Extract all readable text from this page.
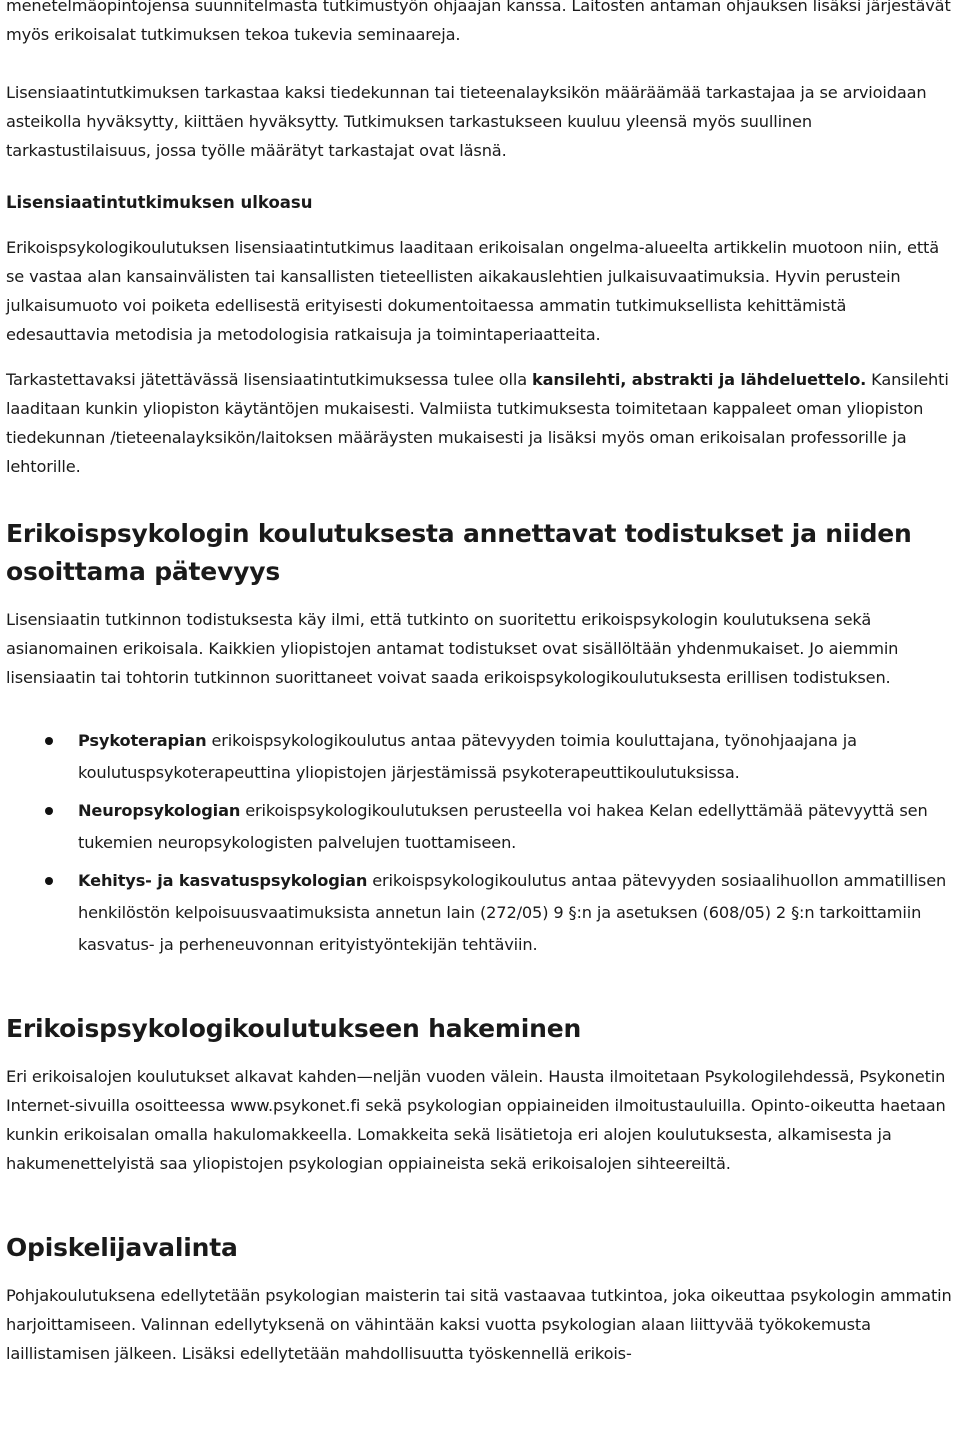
menetelmäopintojensa suunnitelmasta tutkimustyön ohjaajan kanssa. Laitosten antaman ohjauksen lisäksi järjestävät myös erikoisalat tutkimuksen tekoa tukevia seminaareja.

Lisensiaatintutkimuksen tarkastaa kaksi tiedekunnan tai tieteenalayksikön määräämää tarkastajaa ja se arvioidaan asteikolla hyväksytty, kiittäen hyväksytty. Tutkimuksen tarkastukseen kuuluu yleensä myös suullinen tarkastustilaisuus, jossa työlle määrätyt tarkastajat ovat läsnä.

Lisensiaatintutkimuksen ulkoasu

Erikoispsykologikoulutuksen lisensiaatintutkimus laaditaan erikoisalan ongelma-alueelta artikkelin muotoon niin, että se vastaa alan kansainvälisten tai kansallisten tieteellisten aikakauslehtien julkaisuvaatimuksia. Hyvin perustein julkaisumuoto voi poiketa edellisestä erityisesti dokumentoitaessa ammatin tutkimuksellista kehittämistä edesauttavia metodisia ja metodologisia ratkaisuja ja toimintaperiaatteita.

Tarkastettavaksi jätettävässä lisensiaatintutkimuksessa tulee olla kansilehti, abstrakti ja lähdeluettelo. Kansilehti laaditaan kunkin yliopiston käytäntöjen mukaisesti. Valmiista tutkimuksesta toimitetaan kappaleet oman yliopiston tiedekunnan /tieteenalayksikön/laitoksen määräysten mukaisesti ja lisäksi myös oman erikoisalan professorille ja lehtorille.

Erikoispsykologin koulutuksesta annettavat todistukset ja niiden osoittama pätevyys

Lisensiaatin tutkinnon todistuksesta käy ilmi, että tutkinto on suoritettu erikoispsykologin koulutuksena sekä asianomainen erikoisala. Kaikkien yliopistojen antamat todistukset ovat sisällöltään yhdenmukaiset. Jo aiemmin lisensiaatin tai tohtorin tutkinnon suorittaneet voivat saada erikoispsykologikoulutuksesta erillisen todistuksen.

Psykoterapian erikoispsykologikoulutus antaa pätevyyden toimia kouluttajana, työnohjaajana ja koulutuspsykoterapeuttina yliopistojen järjestämissä psykoterapeuttikoulutuksissa.
Neuropsykologian erikoispsykologikoulutuksen perusteella voi hakea Kelan edellyttämää pätevyyttä sen tukemien neuropsykologisten palvelujen tuottamiseen.
Kehitys- ja kasvatuspsykologian erikoispsykologikoulutus antaa pätevyyden sosiaalihuollon ammatillisen henkilöstön kelpoisuusvaatimuksista annetun lain (272/05) 9 §:n ja asetuksen (608/05) 2 §:n tarkoittamiin kasvatus- ja perheneuvonnan erityistyöntekijän tehtäviin.
Erikoispsykologikoulutukseen hakeminen

Eri erikoisalojen koulutukset alkavat kahden—neljän vuoden välein. Hausta ilmoitetaan Psykologilehdessä, Psykonetin Internet-sivuilla osoitteessa www.psykonet.fi sekä psykologian oppiaineiden ilmoitustauluilla. Opinto-oikeutta haetaan kunkin erikoisalan omalla hakulomakkeella. Lomakkeita sekä lisätietoja eri alojen koulutuksesta, alkamisesta ja hakumenettelyistä saa yliopistojen psykologian oppiaineista sekä erikoisalojen sihteereiltä.

Opiskelijavalinta

Pohjakoulutuksena edellytetään psykologian maisterin tai sitä vastaavaa tutkintoa, joka oikeuttaa psykologin ammatin harjoittamiseen. Valinnan edellytyksenä on vähintään kaksi vuotta psykologian alaan liittyvää työkokemusta laillistamisen jälkeen. Lisäksi edellytetään mahdollisuutta työskennellä erikois-
